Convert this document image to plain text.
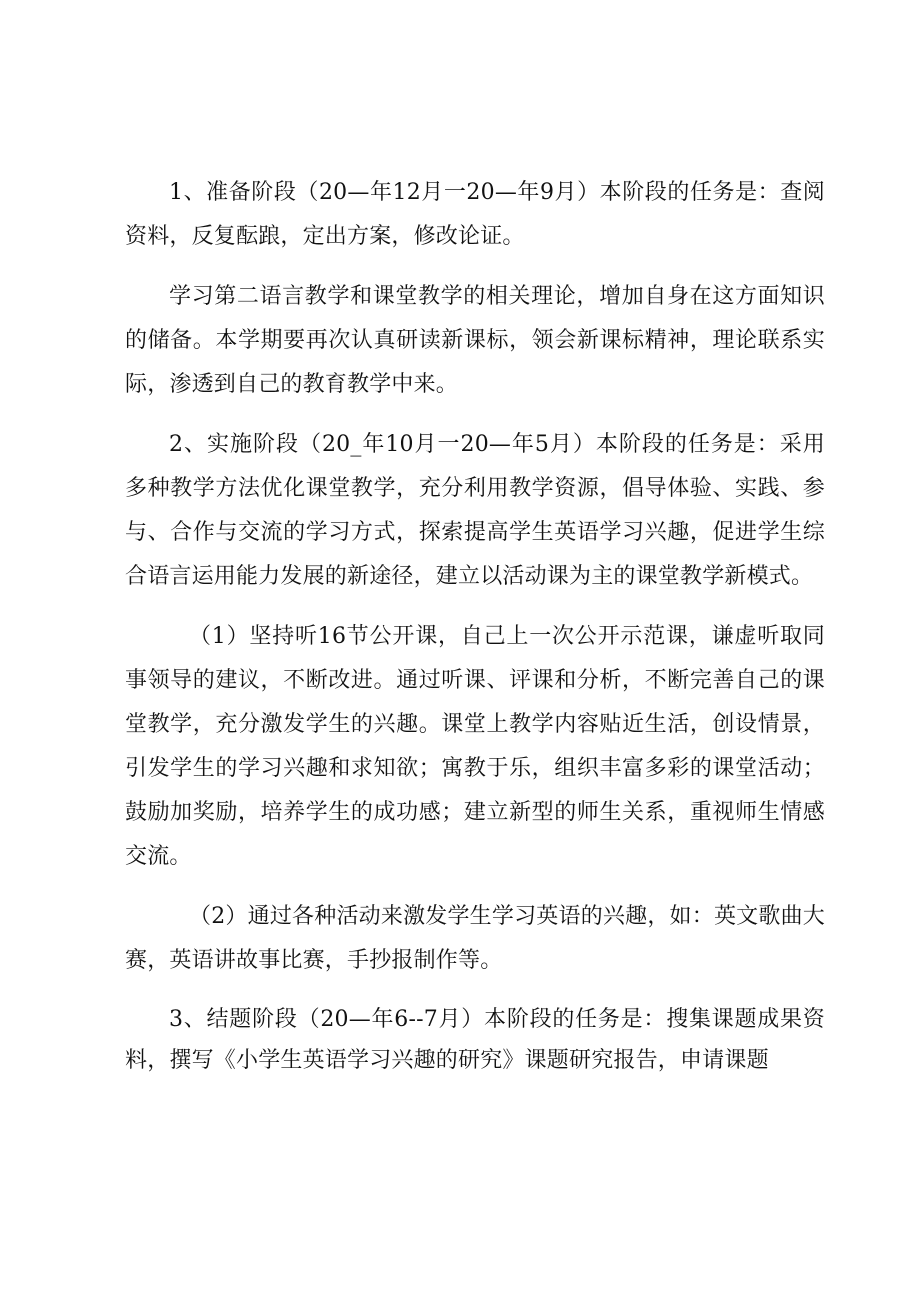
1、准备阶段（20—年12月一20—年9月）本阶段的任务是：查阅资料，反复酝踉，定出方案，修改论证。

学习第二语言教学和课堂教学的相关理论，增加自身在这方面知识的储备。本学期要再次认真研读新课标，领会新课标精神，理论联系实际，渗透到自己的教育教学中来。

2、实施阶段（20_年10月一20—年5月）本阶段的任务是：采用多种教学方法优化课堂教学，充分利用教学资源，倡导体验、实践、参与、合作与交流的学习方式，探索提高学生英语学习兴趣，促进学生综合语言运用能力发展的新途径，建立以活动课为主的课堂教学新模式。

（1）坚持听16节公开课，自己上一次公开示范课，谦虚听取同事领导的建议，不断改进。通过听课、评课和分析，不断完善自己的课堂教学，充分激发学生的兴趣。课堂上教学内容贴近生活，创设情景，引发学生的学习兴趣和求知欲；寓教于乐，组织丰富多彩的课堂活动；鼓励加奖励，培养学生的成功感；建立新型的师生关系，重视师生情感交流。

（2）通过各种活动来激发学生学习英语的兴趣，如：英文歌曲大赛，英语讲故事比赛，手抄报制作等。

3、结题阶段（20—年6--7月）本阶段的任务是：搜集课题成果资料，撰写《小学生英语学习兴趣的研究》课题研究报告，申请课题
